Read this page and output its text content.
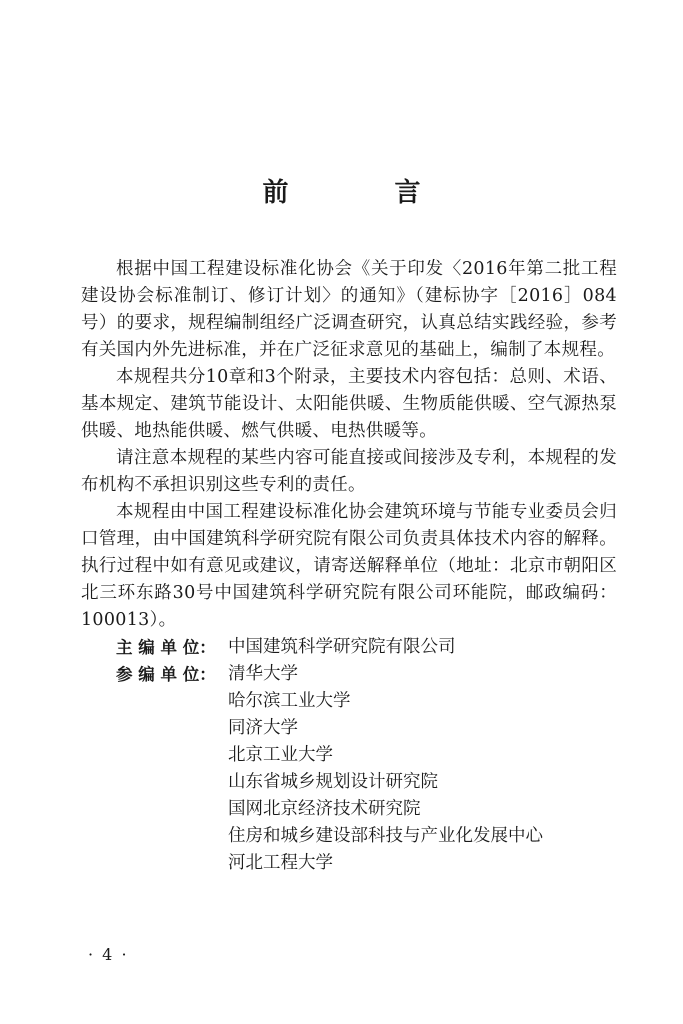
前　言

根据中国工程建设标准化协会《关于印发〈2016年第二批工程建设协会标准制订、修订计划〉的通知》（建标协字［2016］084号）的要求，规程编制组经广泛调查研究，认真总结实践经验，参考有关国内外先进标准，并在广泛征求意见的基础上，编制了本规程。

本规程共分10章和3个附录，主要技术内容包括：总则、术语、基本规定、建筑节能设计、太阳能供暖、生物质能供暖、空气源热泵供暖、地热能供暖、燃气供暖、电热供暖等。

请注意本规程的某些内容可能直接或间接涉及专利，本规程的发布机构不承担识别这些专利的责任。

本规程由中国工程建设标准化协会建筑环境与节能专业委员会归口管理，由中国建筑科学研究院有限公司负责具体技术内容的解释。执行过程中如有意见或建议，请寄送解释单位（地址：北京市朝阳区北三环东路30号中国建筑科学研究院有限公司环能院，邮政编码：100013）。

主 编 单 位： 中国建筑科学研究院有限公司
参 编 单 位： 清华大学
哈尔滨工业大学
同济大学
北京工业大学
山东省城乡规划设计研究院
国网北京经济技术研究院
住房和城乡建设部科技与产业化发展中心
河北工程大学
· 4 ·
